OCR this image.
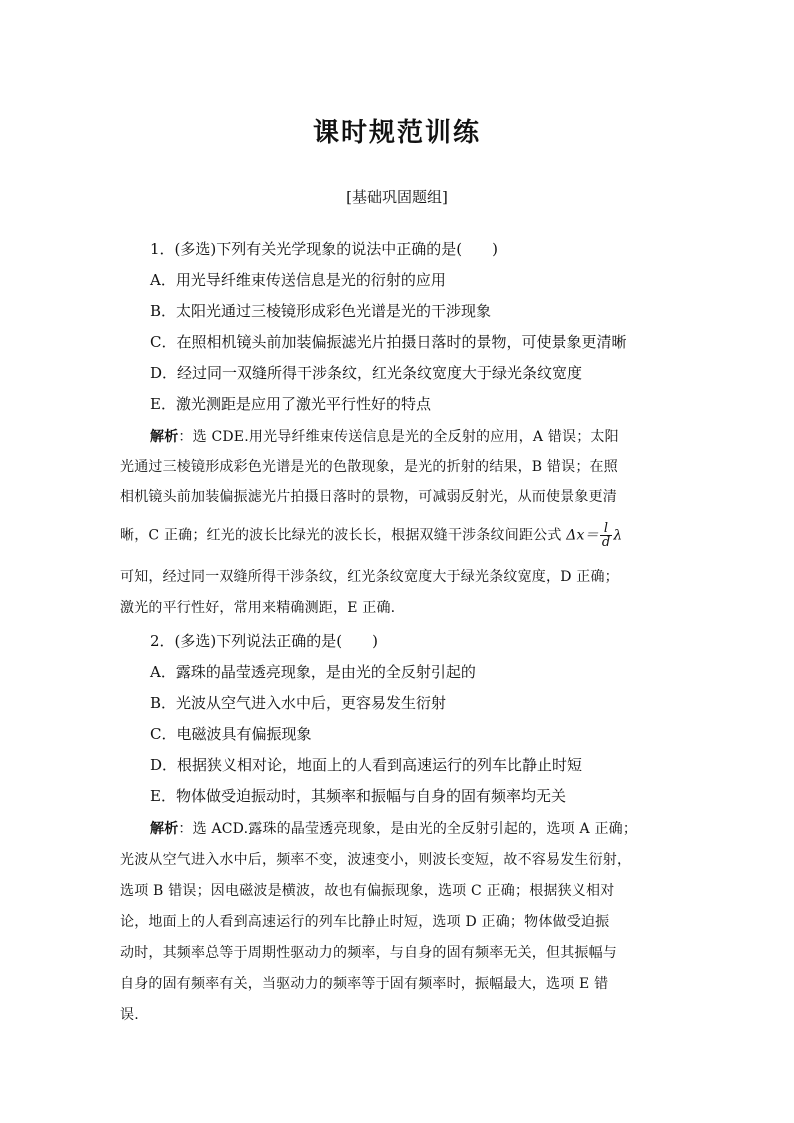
课时规范训练
[基础巩固题组]
1．(多选)下列有关光学现象的说法中正确的是(　　)
A．用光导纤维束传送信息是光的衍射的应用
B．太阳光通过三棱镜形成彩色光谱是光的干涉现象
C．在照相机镜头前加装偏振滤光片拍摄日落时的景物，可使景象更清晰
D．经过同一双缝所得干涉条纹，红光条纹宽度大于绿光条纹宽度
E．激光测距是应用了激光平行性好的特点
解析：选 CDE.用光导纤维束传送信息是光的全反射的应用，A 错误；太阳
光通过三棱镜形成彩色光谱是光的色散现象，是光的折射的结果，B 错误；在照
相机镜头前加装偏振滤光片拍摄日落时的景物，可减弱反射光，从而使景象更清
晰，C 正确；红光的波长比绿光的波长长，根据双缝干涉条纹间距公式 $\Delta x= \frac{l}{d}$ λ
可知，经过同一双缝所得干涉条纹，红光条纹宽度大于绿光条纹宽度，D 正确；
激光的平行性好，常用来精确测距，E 正确.
2．(多选)下列说法正确的是(　　)
A．露珠的晶莹透亮现象，是由光的全反射引起的
B．光波从空气进入水中后，更容易发生衍射
C．电磁波具有偏振现象
D．根据狭义相对论，地面上的人看到高速运行的列车比静止时短
E．物体做受迫振动时，其频率和振幅与自身的固有频率均无关
解析：选 ACD.露珠的晶莹透亮现象，是由光的全反射引起的，选项 A 正确；
光波从空气进入水中后，频率不变，波速变小，则波长变短，故不容易发生衍射，
选项 B 错误；因电磁波是横波，故也有偏振现象，选项 C 正确；根据狭义相对
论，地面上的人看到高速运行的列车比静止时短，选项 D 正确；物体做受迫振
动时，其频率总等于周期性驱动力的频率，与自身的固有频率无关，但其振幅与
自身的固有频率有关，当驱动力的频率等于固有频率时，振幅最大，选项 E 错
误.
